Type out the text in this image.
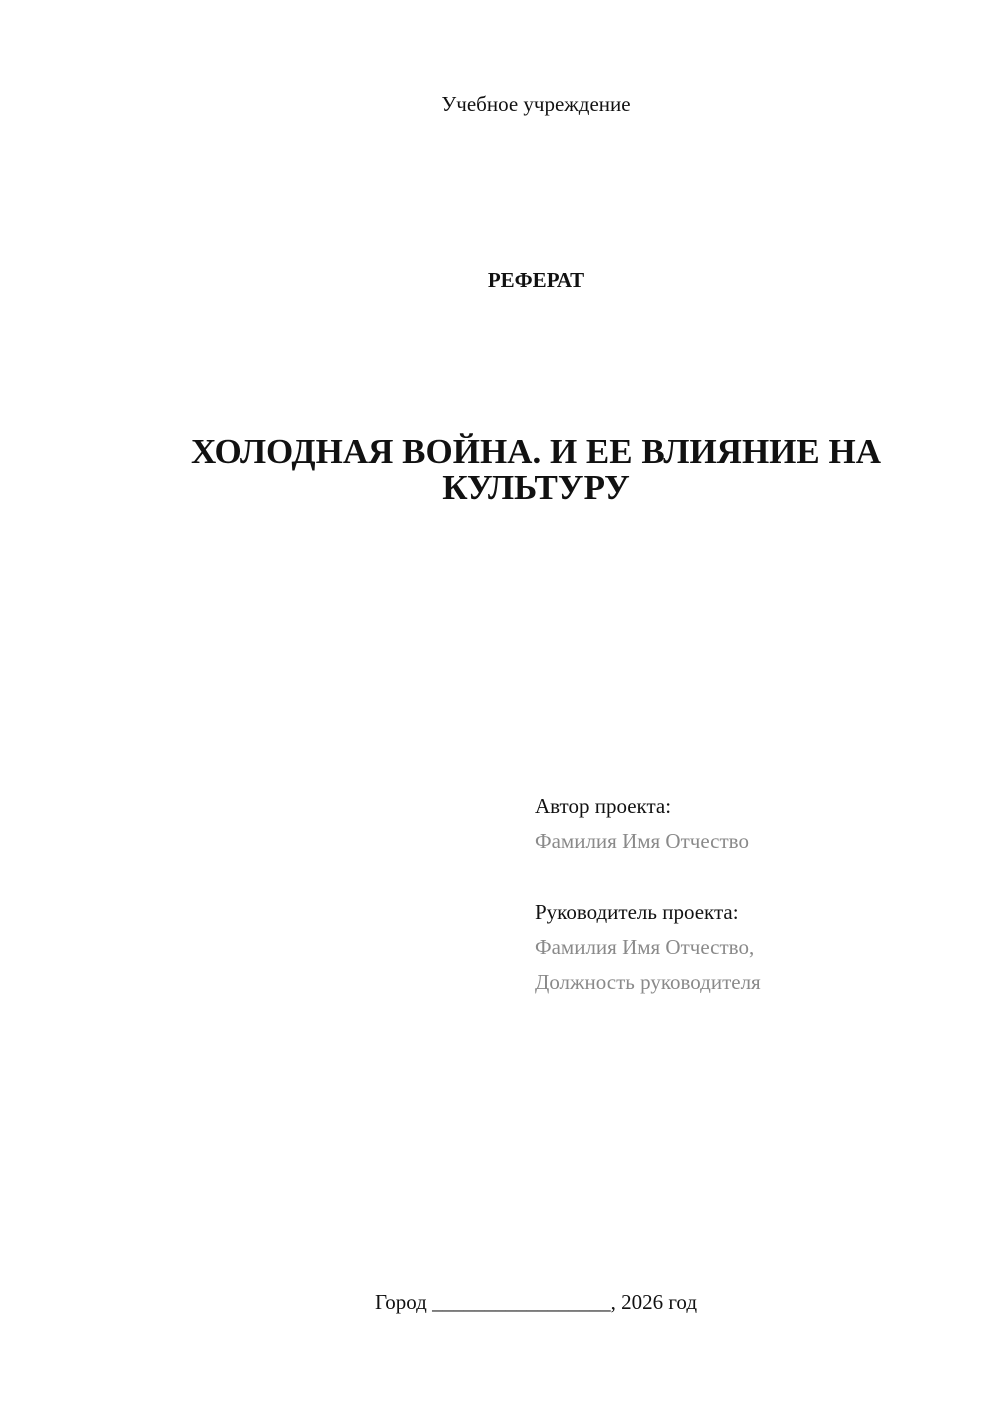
Учебное учреждение
РЕФЕРАТ
ХОЛОДНАЯ ВОЙНА. И ЕЕ ВЛИЯНИЕ НА КУЛЬТУРУ
Автор проекта:
Фамилия Имя Отчество
Руководитель проекта:
Фамилия Имя Отчество,
Должность руководителя
Город _________________, 2026 год
